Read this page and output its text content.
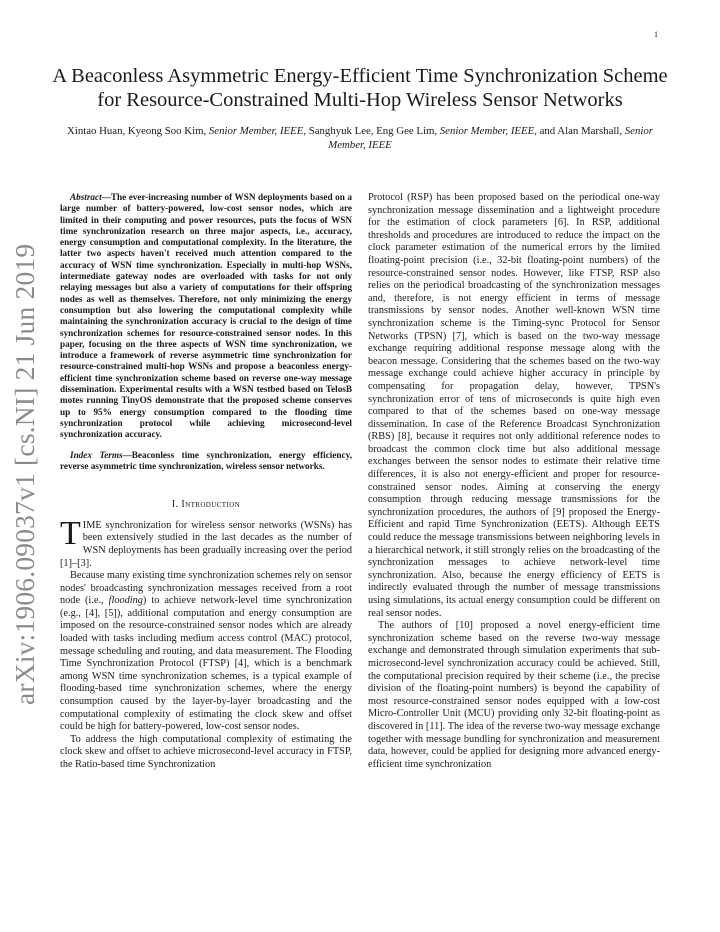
1
arXiv:1906.09037v1 [cs.NI] 21 Jun 2019
A Beaconless Asymmetric Energy-Efficient Time Synchronization Scheme for Resource-Constrained Multi-Hop Wireless Sensor Networks
Xintao Huan, Kyeong Soo Kim, Senior Member, IEEE, Sanghyuk Lee, Eng Gee Lim, Senior Member, IEEE, and Alan Marshall, Senior Member, IEEE

Abstract—The ever-increasing number of WSN deployments based on a large number of battery-powered, low-cost sensor nodes, which are limited in their computing and power resources, puts the focus of WSN time synchronization research on three major aspects, i.e., accuracy, energy consumption and computational complexity. In the literature, the latter two aspects haven't received much attention compared to the accuracy of WSN time synchronization. Especially in multi-hop WSNs, intermediate gateway nodes are overloaded with tasks for not only relaying messages but also a variety of computations for their offspring nodes as well as themselves. Therefore, not only minimizing the energy consumption but also lowering the computational complexity while maintaining the synchronization accuracy is crucial to the design of time synchronization schemes for resource-constrained sensor nodes. In this paper, focusing on the three aspects of WSN time synchronization, we introduce a framework of reverse asymmetric time synchronization for resource-constrained multi-hop WSNs and propose a beaconless energy-efficient time synchronization scheme based on reverse one-way message dissemination. Experimental results with a WSN testbed based on TelosB motes running TinyOS demonstrate that the proposed scheme conserves up to 95% energy consumption compared to the flooding time synchronization protocol while achieving microsecond-level synchronization accuracy.

Index Terms—Beaconless time synchronization, energy efficiency, reverse asymmetric time synchronization, wireless sensor networks.

I. Introduction

TIME synchronization for wireless sensor networks (WSNs) has been extensively studied in the last decades as the number of WSN deployments has been gradually increasing over the period [1]–[3].

Because many existing time synchronization schemes rely on sensor nodes' broadcasting synchronization messages received from a root node (i.e., flooding) to achieve network-level time synchronization (e.g., [4], [5]), additional computation and energy consumption are imposed on the resource-constrained sensor nodes which are already loaded with tasks including medium access control (MAC) protocol, message scheduling and routing, and data measurement. The Flooding Time Synchronization Protocol (FTSP) [4], which is a benchmark among WSN time synchronization schemes, is a typical example of flooding-based time synchronization schemes, where the energy consumption caused by the layer-by-layer broadcasting and the computational complexity of estimating the clock skew and offset could be high for battery-powered, low-cost sensor nodes.

To address the high computational complexity of estimating the clock skew and offset to achieve microsecond-level accuracy in FTSP, the Ratio-based time Synchronization

Protocol (RSP) has been proposed based on the periodical one-way synchronization message dissemination and a lightweight procedure for the estimation of clock parameters [6]. In RSP, additional thresholds and procedures are introduced to reduce the impact on the clock parameter estimation of the numerical errors by the limited floating-point precision (i.e., 32-bit floating-point numbers) of the resource-constrained sensor nodes. However, like FTSP, RSP also relies on the periodical broadcasting of the synchronization messages and, therefore, is not energy efficient in terms of message transmissions by sensor nodes. Another well-known WSN time synchronization scheme is the Timing-sync Protocol for Sensor Networks (TPSN) [7], which is based on the two-way message exchange requiring additional response message along with the beacon message. Considering that the schemes based on the two-way message exchange could achieve higher accuracy in principle by compensating for propagation delay, however, TPSN's synchronization error of tens of microseconds is quite high even compared to that of the schemes based on one-way message dissemination. In case of the Reference Broadcast Synchronization (RBS) [8], because it requires not only additional reference nodes to broadcast the common clock time but also additional message exchanges between the sensor nodes to estimate their relative time differences, it is also not energy-efficient and proper for resource-constrained sensor nodes. Aiming at conserving the energy consumption through reducing message transmissions for the synchronization procedures, the authors of [9] proposed the Energy-Efficient and rapid Time Synchronization (EETS). Although EETS could reduce the message transmissions between neighboring levels in a hierarchical network, it still strongly relies on the broadcasting of the synchronization messages to achieve network-level time synchronization. Also, because the energy efficiency of EETS is indirectly evaluated through the number of message transmissions using simulations, its actual energy consumption could be different on real sensor nodes.

The authors of [10] proposed a novel energy-efficient time synchronization scheme based on the reverse two-way message exchange and demonstrated through simulation experiments that sub-microsecond-level synchronization accuracy could be achieved. Still, the computational precision required by their scheme (i.e., the precise division of the floating-point numbers) is beyond the capability of most resource-constrained sensor nodes equipped with a low-cost Micro-Controller Unit (MCU) providing only 32-bit floating-point as discovered in [11]. The idea of the reverse two-way message exchange together with message bundling for synchronization and measurement data, however, could be applied for designing more advanced energy-efficient time synchronization
